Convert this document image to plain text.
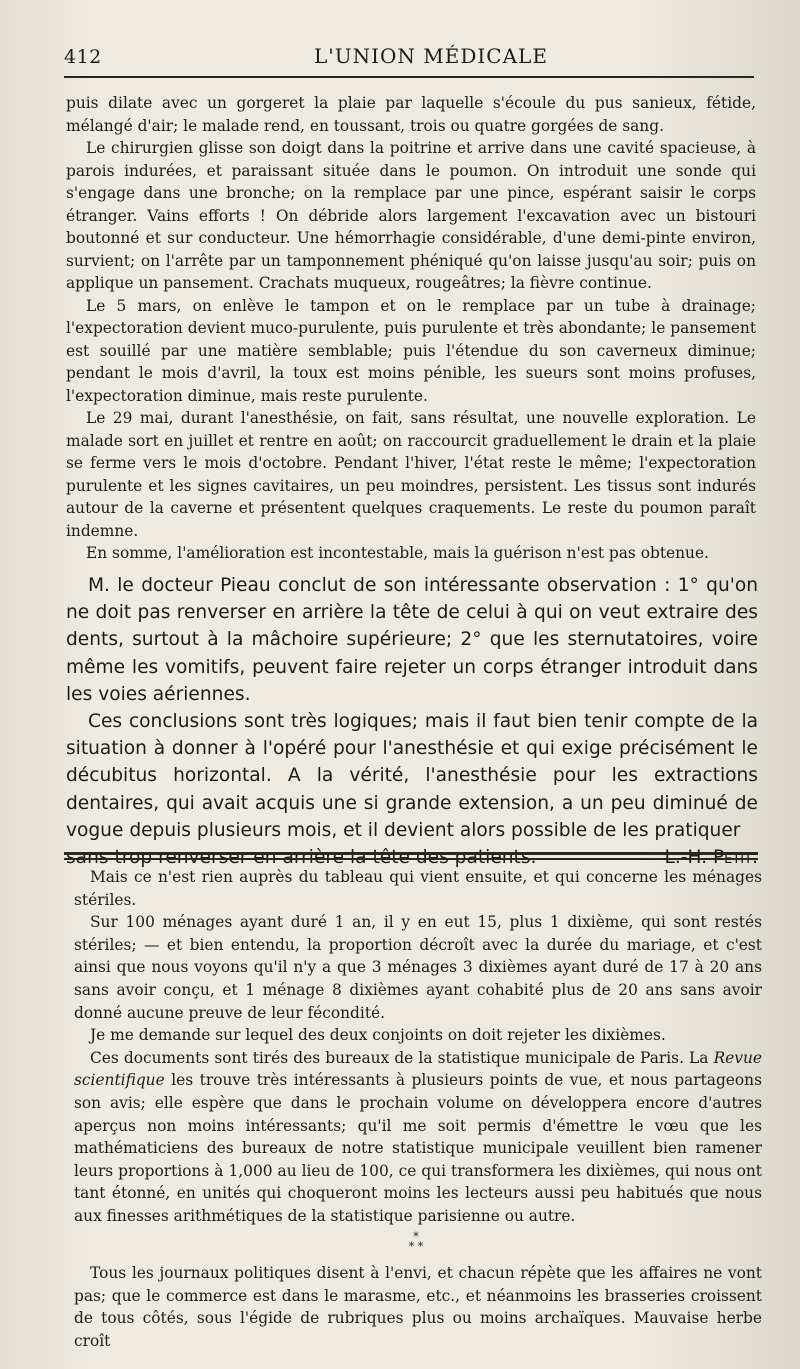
412	L'UNION MÉDICALE

puis dilate avec un gorgeret la plaie par laquelle s'écoule du pus sanieux, fétide, mélangé d'air; le malade rend, en toussant, trois ou quatre gorgées de sang.

Le chirurgien glisse son doigt dans la poitrine et arrive dans une cavité spacieuse, à parois indurées, et paraissant située dans le poumon. On introduit une sonde qui s'engage dans une bronche; on la remplace par une pince, espérant saisir le corps étranger. Vains efforts ! On débride alors largement l'excavation avec un bistouri boutonné et sur conducteur. Une hémorrhagie considérable, d'une demi-pinte environ, survient; on l'arrête par un tamponnement phéniqué qu'on laisse jusqu'au soir; puis on applique un pansement. Crachats muqueux, rougeâtres; la fièvre continue.

Le 5 mars, on enlève le tampon et on le remplace par un tube à drainage; l'expectoration devient muco-purulente, puis purulente et très abondante; le pansement est souillé par une matière semblable; puis l'étendue du son caverneux diminue; pendant le mois d'avril, la toux est moins pénible, les sueurs sont moins profuses, l'expectoration diminue, mais reste purulente.

Le 29 mai, durant l'anesthésie, on fait, sans résultat, une nouvelle exploration. Le malade sort en juillet et rentre en août; on raccourcit graduellement le drain et la plaie se ferme vers le mois d'octobre. Pendant l'hiver, l'état reste le même; l'expectoration purulente et les signes cavitaires, un peu moindres, persistent. Les tissus sont indurés autour de la caverne et présentent quelques craquements. Le reste du poumon paraît indemne.

En somme, l'amélioration est incontestable, mais la guérison n'est pas obtenue.

M. le docteur Pieau conclut de son intéressante observation : 1° qu'on ne doit pas renverser en arrière la tête de celui à qui on veut extraire des dents, surtout à la mâchoire supérieure; 2° que les sternutatoires, voire même les vomitifs, peuvent faire rejeter un corps étranger introduit dans les voies aériennes.

Ces conclusions sont très logiques; mais il faut bien tenir compte de la situation à donner à l'opéré pour l'anesthésie et qui exige précisément le décubitus horizontal. A la vérité, l'anesthésie pour les extractions dentaires, qui avait acquis une si grande extension, a un peu diminué de vogue depuis plusieurs mois, et il devient alors possible de les pratiquer

sans trop renverser en arrière la tête des patients.	L.-H. Petit.

Mais ce n'est rien auprès du tableau qui vient ensuite, et qui concerne les ménages stériles.

Sur 100 ménages ayant duré 1 an, il y en eut 15, plus 1 dixième, qui sont restés stériles; — et bien entendu, la proportion décroît avec la durée du mariage, et c'est ainsi que nous voyons qu'il n'y a que 3 ménages 3 dixièmes ayant duré de 17 à 20 ans sans avoir conçu, et 1 ménage 8 dixièmes ayant cohabité plus de 20 ans sans avoir donné aucune preuve de leur fécondité.

Je me demande sur lequel des deux conjoints on doit rejeter les dixièmes.

Ces documents sont tirés des bureaux de la statistique municipale de Paris. La Revue scientifique les trouve très intéressants à plusieurs points de vue, et nous partageons son avis; elle espère que dans le prochain volume on développera encore d'autres aperçus non moins intéressants; qu'il me soit permis d'émettre le vœu que les mathématiciens des bureaux de notre statistique municipale veuillent bien ramener leurs proportions à 1,000 au lieu de 100, ce qui transformera les dixièmes, qui nous ont tant étonné, en unités qui choqueront moins les lecteurs aussi peu habitués que nous aux finesses arithmétiques de la statistique parisienne ou autre.

*
* *

Tous les journaux politiques disent à l'envi, et chacun répète que les affaires ne vont pas; que le commerce est dans le marasme, etc., et néanmoins les brasseries croissent de tous côtés, sous l'égide de rubriques plus ou moins archaïques. Mauvaise herbe croît
